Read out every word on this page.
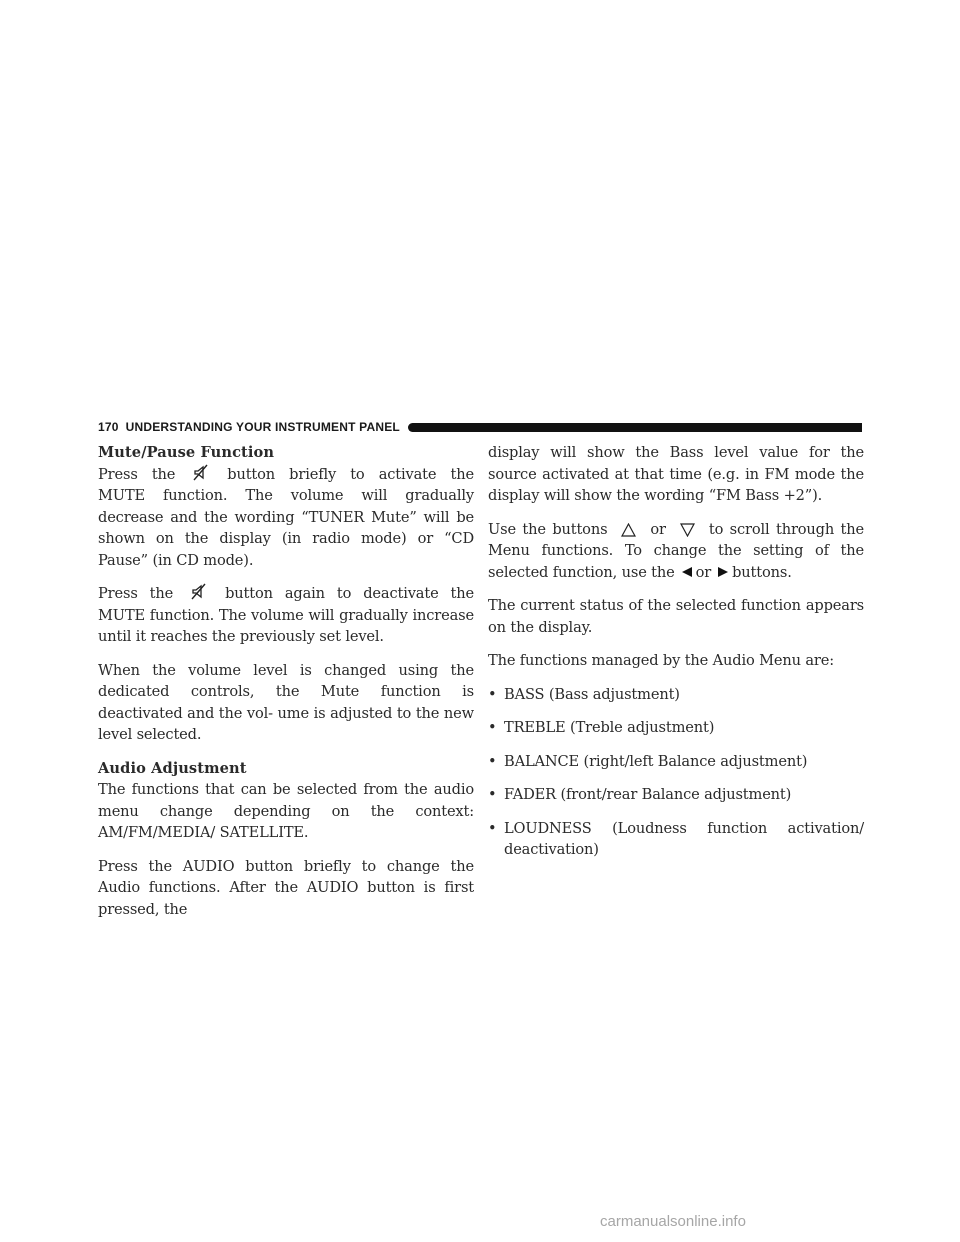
170 UNDERSTANDING YOUR INSTRUMENT PANEL
Mute/Pause Function

Press the	button briefly to activate the MUTE function. The volume will gradually decrease and the wording “TUNER Mute” will be shown on the display (in radio mode) or “CD Pause” (in CD mode).

Press the	button again to deactivate the MUTE function. The volume will gradually increase until it reaches the previously set level.

When the volume level is changed using the dedicated controls, the Mute function is deactivated and the vol- ume is adjusted to the new level selected.

Audio Adjustment

The functions that can be selected from the audio menu change depending on the context: AM/FM/MEDIA/ SATELLITE.

Press the AUDIO button briefly to change the Audio functions. After the AUDIO button is first pressed, the

display will show the Bass level value for the source activated at that time (e.g. in FM mode the display will show the wording “FM Bass +2”).

Use the buttons	or	to scroll through the Menu functions. To change the setting of the selected function, use the or buttons.

The current status of the selected function appears on the display.

The functions managed by the Audio Menu are:

• BASS (Bass adjustment)
• TREBLE (Treble adjustment)
• BALANCE (right/left Balance adjustment)
• FADER (front/rear Balance adjustment)
• LOUDNESS (Loudness function activation/ deactivation)
carmanualsonline.info
